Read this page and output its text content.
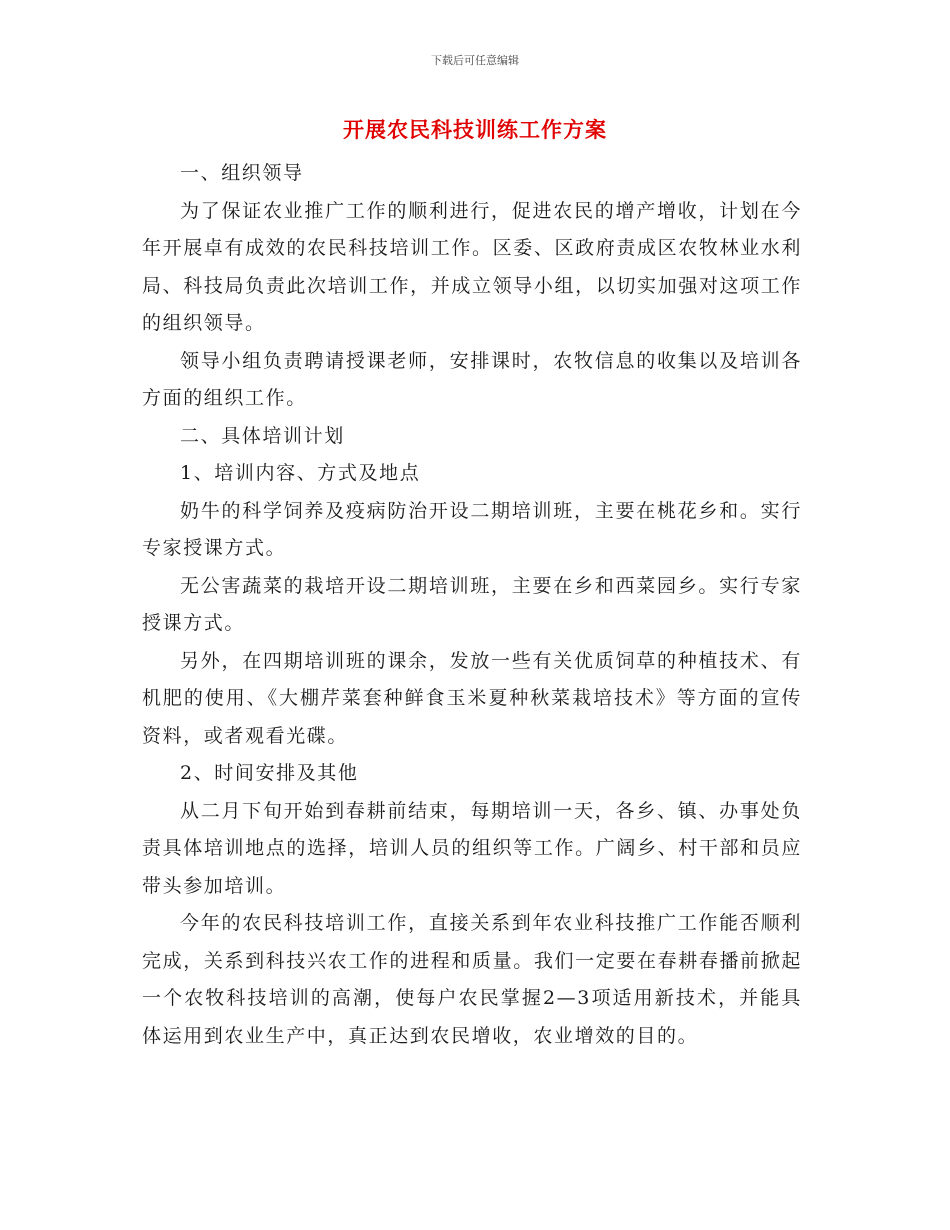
下载后可任意编辑
开展农民科技训练工作方案

一、组织领导

为了保证农业推广工作的顺利进行，促进农民的增产增收，计划在今年开展卓有成效的农民科技培训工作。区委、区政府责成区农牧林业水利局、科技局负责此次培训工作，并成立领导小组，以切实加强对这项工作的组织领导。

领导小组负责聘请授课老师，安排课时，农牧信息的收集以及培训各方面的组织工作。

二、具体培训计划

1、培训内容、方式及地点

奶牛的科学饲养及疫病防治开设二期培训班，主要在桃花乡和。实行专家授课方式。

无公害蔬菜的栽培开设二期培训班，主要在乡和西菜园乡。实行专家授课方式。

另外，在四期培训班的课余，发放一些有关优质饲草的种植技术、有机肥的使用、《大棚芹菜套种鲜食玉米夏种秋菜栽培技术》等方面的宣传资料，或者观看光碟。

2、时间安排及其他

从二月下旬开始到春耕前结束，每期培训一天，各乡、镇、办事处负责具体培训地点的选择，培训人员的组织等工作。广阔乡、村干部和员应带头参加培训。

今年的农民科技培训工作，直接关系到年农业科技推广工作能否顺利完成，关系到科技兴农工作的进程和质量。我们一定要在春耕春播前掀起一个农牧科技培训的高潮，使每户农民掌握2—3项适用新技术，并能具体运用到农业生产中，真正达到农民增收，农业增效的目的。
